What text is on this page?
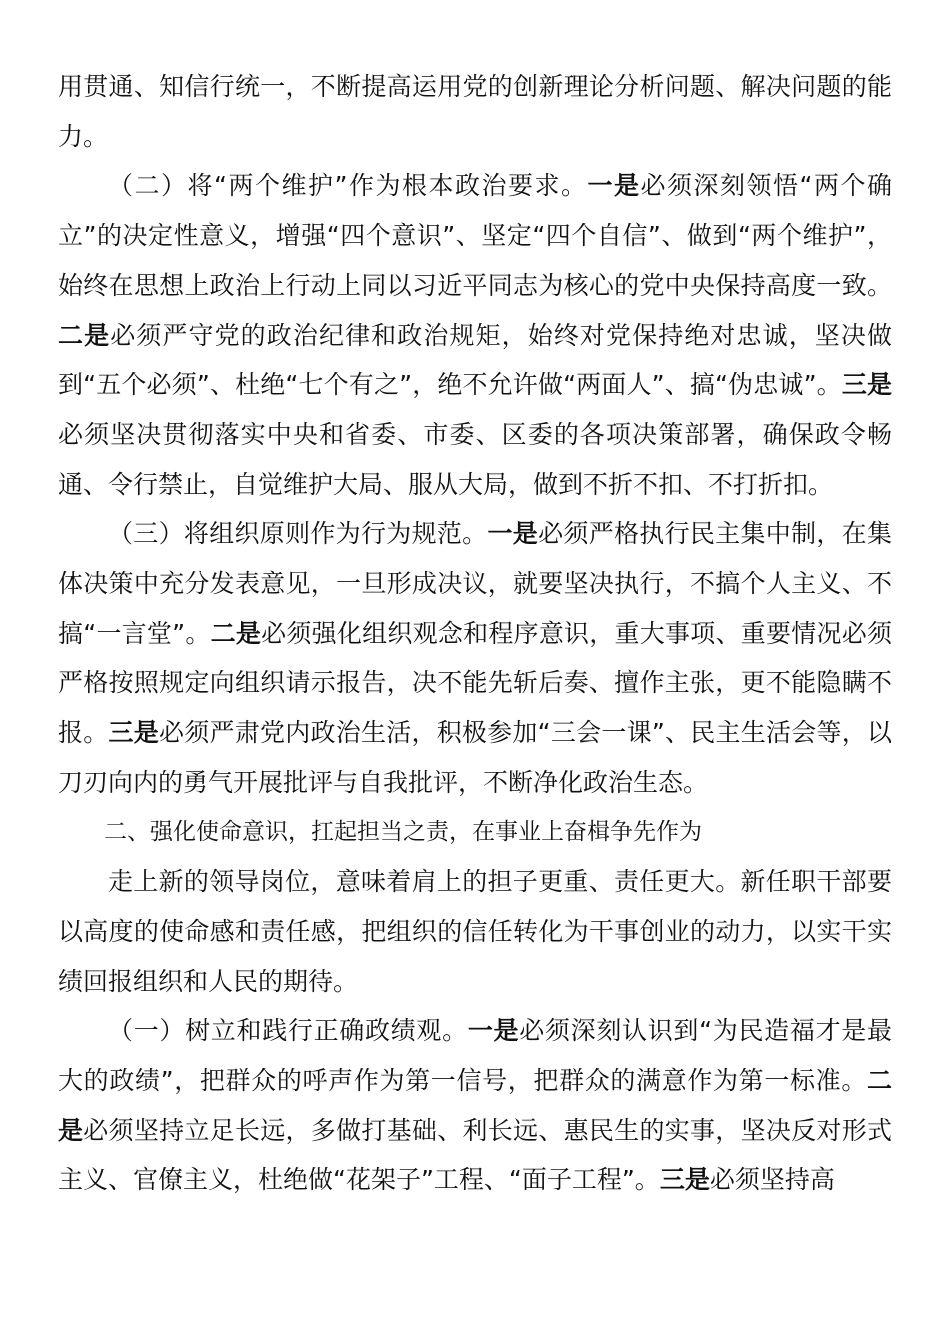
用贯通、知信行统一，不断提高运用党的创新理论分析问题、解决问题的能力。

（二）将“两个维护”作为根本政治要求。一是必须深刻领悟“两个确立”的决定性意义，增强“四个意识”、坚定“四个自信”、做到“两个维护”，始终在思想上政治上行动上同以习近平同志为核心的党中央保持高度一致。二是必须严守党的政治纪律和政治规矩，始终对党保持绝对忠诚，坚决做到“五个必须”、杜绝“七个有之”，绝不允许做“两面人”、搞“伪忠诚”。三是必须坚决贯彻落实中央和省委、市委、区委的各项决策部署，确保政令畅通、令行禁止，自觉维护大局、服从大局，做到不折不扣、不打折扣。

（三）将组织原则作为行为规范。一是必须严格执行民主集中制，在集体决策中充分发表意见，一旦形成决议，就要坚决执行，不搞个人主义、不搞“一言堂”。二是必须强化组织观念和程序意识，重大事项、重要情况必须严格按照规定向组织请示报告，决不能先斩后奏、擅作主张，更不能隐瞒不报。三是必须严肃党内政治生活，积极参加“三会一课”、民主生活会等，以刀刃向内的勇气开展批评与自我批评，不断净化政治生态。

二、强化使命意识，扛起担当之责，在事业上奋楫争先作为

走上新的领导岗位，意味着肩上的担子更重、责任更大。新任职干部要以高度的使命感和责任感，把组织的信任转化为干事创业的动力，以实干实绩回报组织和人民的期待。

（一）树立和践行正确政绩观。一是必须深刻认识到“为民造福才是最大的政绩”，把群众的呼声作为第一信号，把群众的满意作为第一标准。二是必须坚持立足长远，多做打基础、利长远、惠民生的实事，坚决反对形式主义、官僚主义，杜绝做“花架子”工程、“面子工程”。三是必须坚持高
